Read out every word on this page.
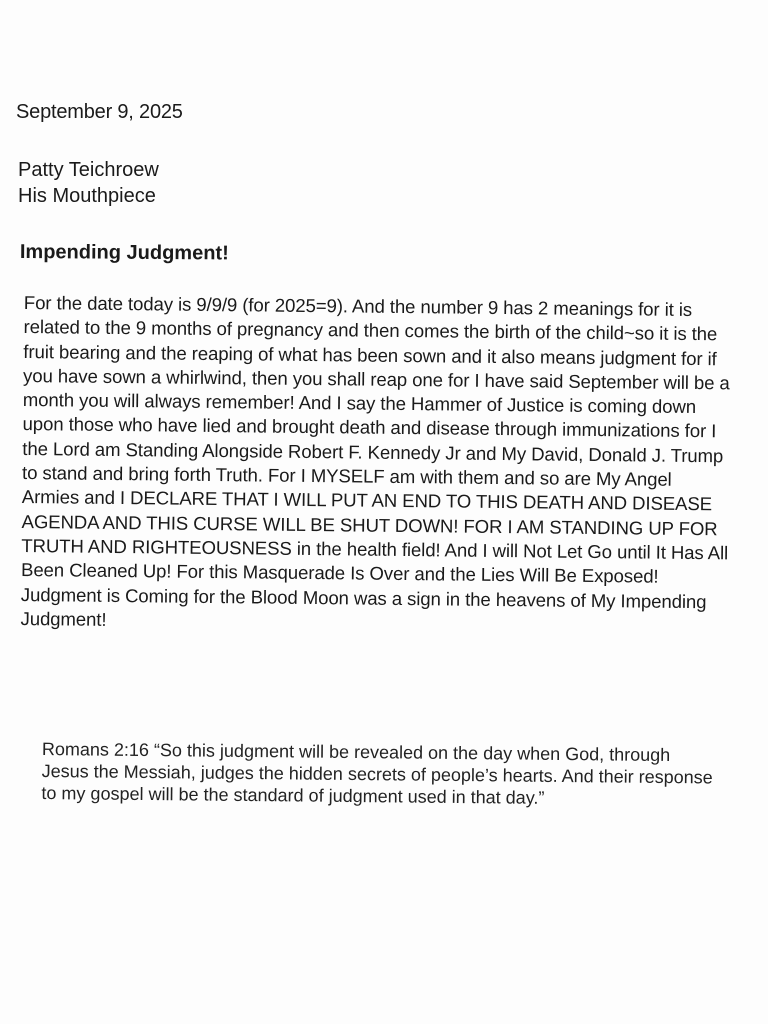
September 9, 2025
Patty Teichroew
His Mouthpiece
Impending Judgment!

For the date today is 9/9/9 (for 2025=9). And the number 9 has 2 meanings for it is related to the 9 months of pregnancy and then comes the birth of the child~so it is the fruit bearing and the reaping of what has been sown and it also means judgment for if you have sown a whirlwind, then you shall reap one for I have said September will be a month you will always remember! And I say the Hammer of Justice is coming down upon those who have lied and brought death and disease through immunizations for I the Lord am Standing Alongside Robert F. Kennedy Jr and My David, Donald J. Trump to stand and bring forth Truth. For I MYSELF am with them and so are My Angel Armies and I DECLARE THAT I WILL PUT AN END TO THIS DEATH AND DISEASE AGENDA AND THIS CURSE WILL BE SHUT DOWN! FOR I AM STANDING UP FOR TRUTH AND RIGHTEOUSNESS in the health field! And I will Not Let Go until It Has All Been Cleaned Up! For this Masquerade Is Over and the Lies Will Be Exposed! Judgment is Coming for the Blood Moon was a sign in the heavens of My Impending Judgment!

Romans 2:16 “So this judgment will be revealed on the day when God, through Jesus the Messiah, judges the hidden secrets of people’s hearts. And their response to my gospel will be the standard of judgment used in that day.”
